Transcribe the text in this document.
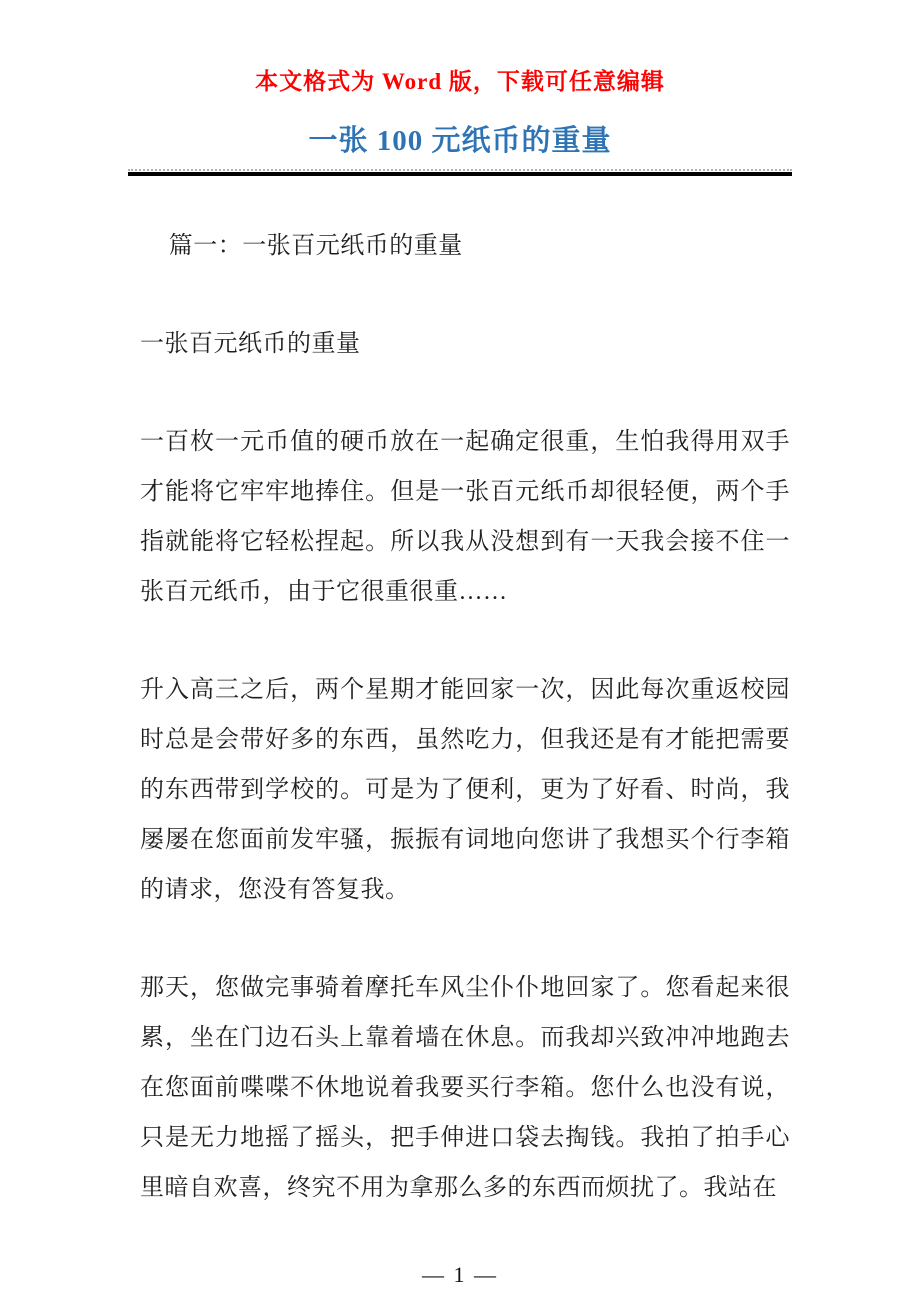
本文格式为 Word 版，下载可任意编辑
一张 100 元纸币的重量

篇一：一张百元纸币的重量

一张百元纸币的重量

一百枚一元币值的硬币放在一起确定很重，生怕我得用双手才能将它牢牢地捧住。但是一张百元纸币却很轻便，两个手指就能将它轻松捏起。所以我从没想到有一天我会接不住一张百元纸币，由于它很重很重……

升入高三之后，两个星期才能回家一次，因此每次重返校园时总是会带好多的东西，虽然吃力，但我还是有才能把需要的东西带到学校的。可是为了便利，更为了好看、时尚，我屡屡在您面前发牢骚，振振有词地向您讲了我想买个行李箱的请求，您没有答复我。

那天，您做完事骑着摩托车风尘仆仆地回家了。您看起来很累，坐在门边石头上靠着墙在休息。而我却兴致冲冲地跑去在您面前喋喋不休地说着我要买行李箱。您什么也没有说，只是无力地摇了摇头，把手伸进口袋去掏钱。我拍了拍手心里暗自欢喜，终究不用为拿那么多的东西而烦扰了。我站在

— 1 —
